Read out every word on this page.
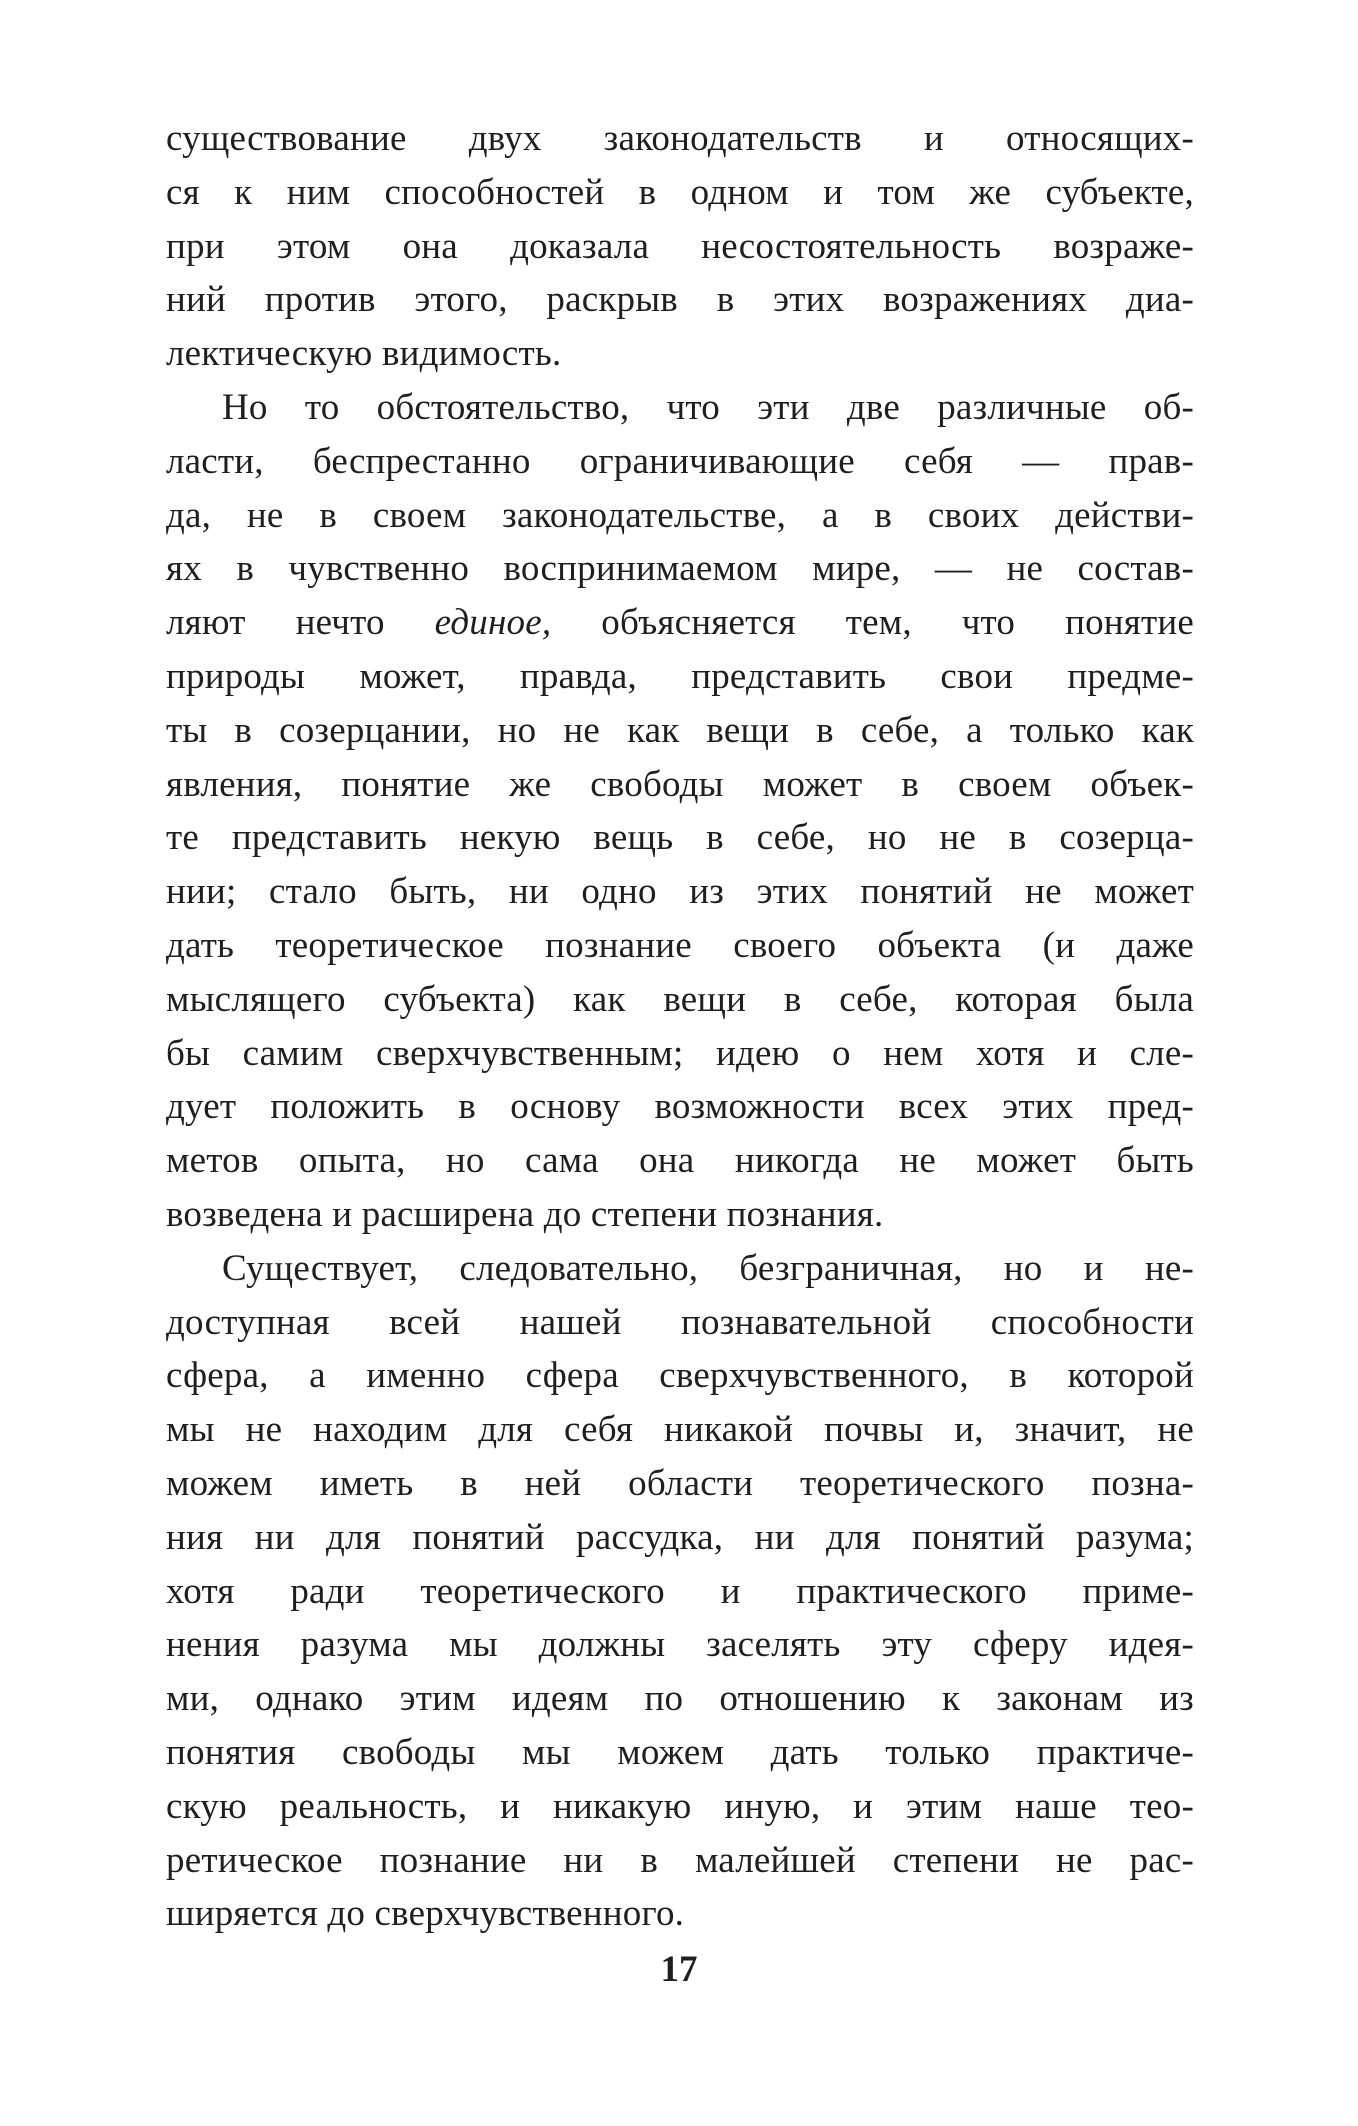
существование двух законодательств и относящих-
ся к ним способностей в одном и том же субъекте,
при этом она доказала несостоятельность возраже-
ний против этого, раскрыв в этих возражениях диа-
лектическую видимость.
Но то обстоятельство, что эти две различные об-
ласти, беспрестанно ограничивающие себя — прав-
да, не в своем законодательстве, а в своих действи-
ях в чувственно воспринимаемом мире, — не состав-
ляют нечто единое, объясняется тем, что понятие
природы может, правда, представить свои предме-
ты в созерцании, но не как вещи в себе, а только как
явления, понятие же свободы может в своем объек-
те представить некую вещь в себе, но не в созерца-
нии; стало быть, ни одно из этих понятий не может
дать теоретическое познание своего объекта (и даже
мыслящего субъекта) как вещи в себе, которая была
бы самим сверхчувственным; идею о нем хотя и сле-
дует положить в основу возможности всех этих пред-
метов опыта, но сама она никогда не может быть
возведена и расширена до степени познания.
Существует, следовательно, безграничная, но и не-
доступная всей нашей познавательной способности
сфера, а именно сфера сверхчувственного, в которой
мы не находим для себя никакой почвы и, значит, не
можем иметь в ней области теоретического позна-
ния ни для понятий рассудка, ни для понятий разума;
хотя ради теоретического и практического приме-
нения разума мы должны заселять эту сферу идея-
ми, однако этим идеям по отношению к законам из
понятия свободы мы можем дать только практиче-
скую реальность, и никакую иную, и этим наше тео-
ретическое познание ни в малейшей степени не рас-
ширяется до сверхчувственного.
17
